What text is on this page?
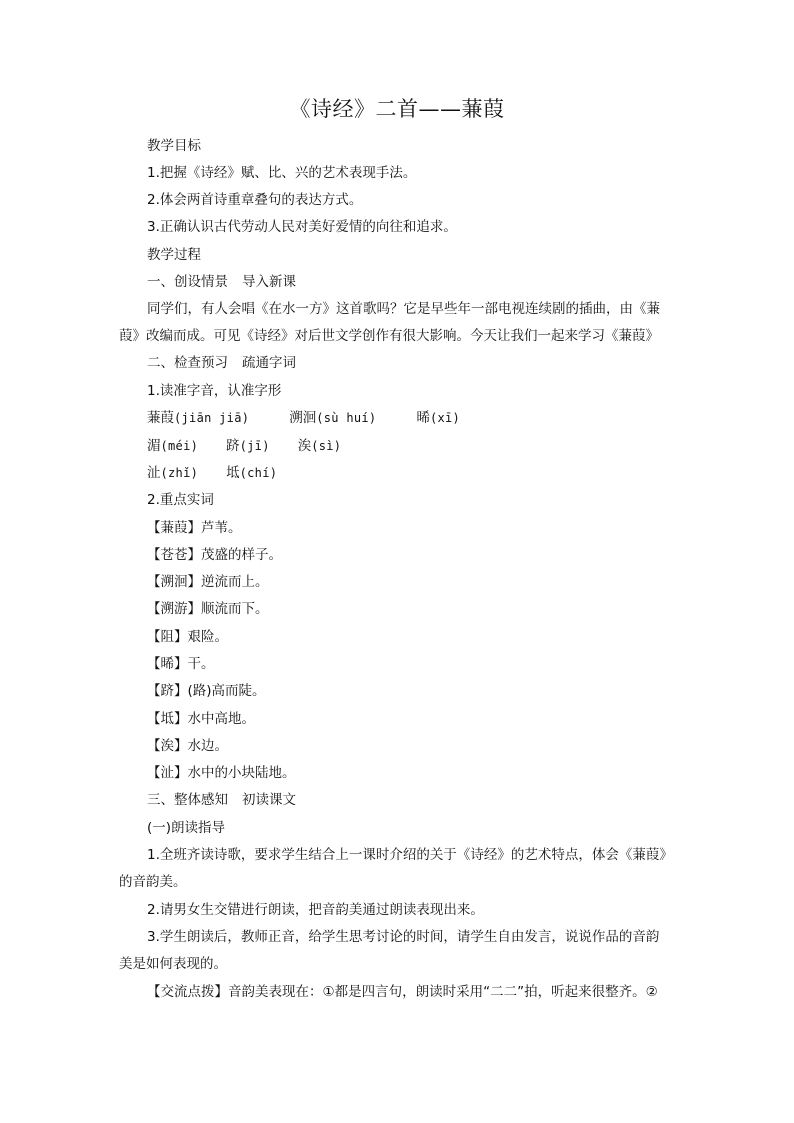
《诗经》二首——蒹葭
教学目标
1.把握《诗经》赋、比、兴的艺术表现手法。
2.体会两首诗重章叠句的表达方式。
3.正确认识古代劳动人民对美好爱情的向往和追求。
教学过程
一、创设情景 导入新课
同学们，有人会唱《在水一方》这首歌吗？它是早些年一部电视连续剧的插曲，由《蒹
葭》改编而成。可见《诗经》对后世文学创作有很大影响。今天让我们一起来学习《蒹葭》
二、检查预习 疏通字词
1.读准字音，认准字形
蒹葭(jiān jiā)	溯洄(sù huí)	晞(xī)
湄(méi) 跻(jī) 涘(sì)
沚(zhǐ) 坻(chí)
2.重点实词
【蒹葭】芦苇。
【苍苍】茂盛的样子。
【溯洄】逆流而上。
【溯游】顺流而下。
【阻】艰险。
【晞】干。
【跻】(路)高而陡。
【坻】水中高地。
【涘】水边。
【沚】水中的小块陆地。
三、整体感知 初读课文
(一)朗读指导
1.全班齐读诗歌，要求学生结合上一课时介绍的关于《诗经》的艺术特点，体会《蒹葭》
的音韵美。
2.请男女生交错进行朗读，把音韵美通过朗读表现出来。
3.学生朗读后，教师正音，给学生思考讨论的时间，请学生自由发言，说说作品的音韵
美是如何表现的。
【交流点拨】音韵美表现在：①都是四言句，朗读时采用“二二”拍，听起来很整齐。②
